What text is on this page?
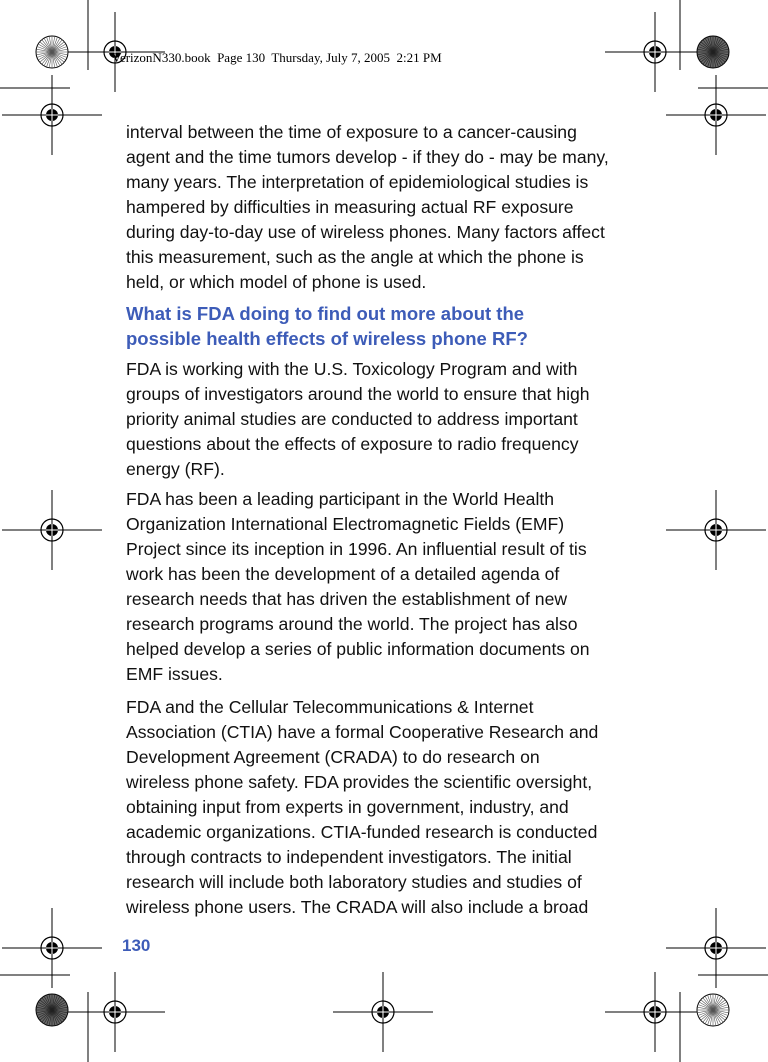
VerizonN330.book  Page 130  Thursday, July 7, 2005  2:21 PM
interval between the time of exposure to a cancer-causing
agent and the time tumors develop - if they do - may be many,
many years. The interpretation of epidemiological studies is
hampered by difficulties in measuring actual RF exposure
during day-to-day use of wireless phones. Many factors affect
this measurement, such as the angle at which the phone is
held, or which model of phone is used.
What is FDA doing to find out more about the
possible health effects of wireless phone RF?
FDA is working with the U.S. Toxicology Program and with
groups of investigators around the world to ensure that high
priority animal studies are conducted to address important
questions about the effects of exposure to radio frequency
energy (RF).
FDA has been a leading participant in the World Health
Organization International Electromagnetic Fields (EMF)
Project since its inception in 1996. An influential result of tis
work has been the development of a detailed agenda of
research needs that has driven the establishment of new
research programs around the world. The project has also
helped develop a series of public information documents on
EMF issues.
FDA and the Cellular Telecommunications & Internet
Association (CTIA) have a formal Cooperative Research and
Development Agreement (CRADA) to do research on
wireless phone safety. FDA provides the scientific oversight,
obtaining input from experts in government, industry, and
academic organizations. CTIA-funded research is conducted
through contracts to independent investigators. The initial
research will include both laboratory studies and studies of
wireless phone users. The CRADA will also include a broad
130
